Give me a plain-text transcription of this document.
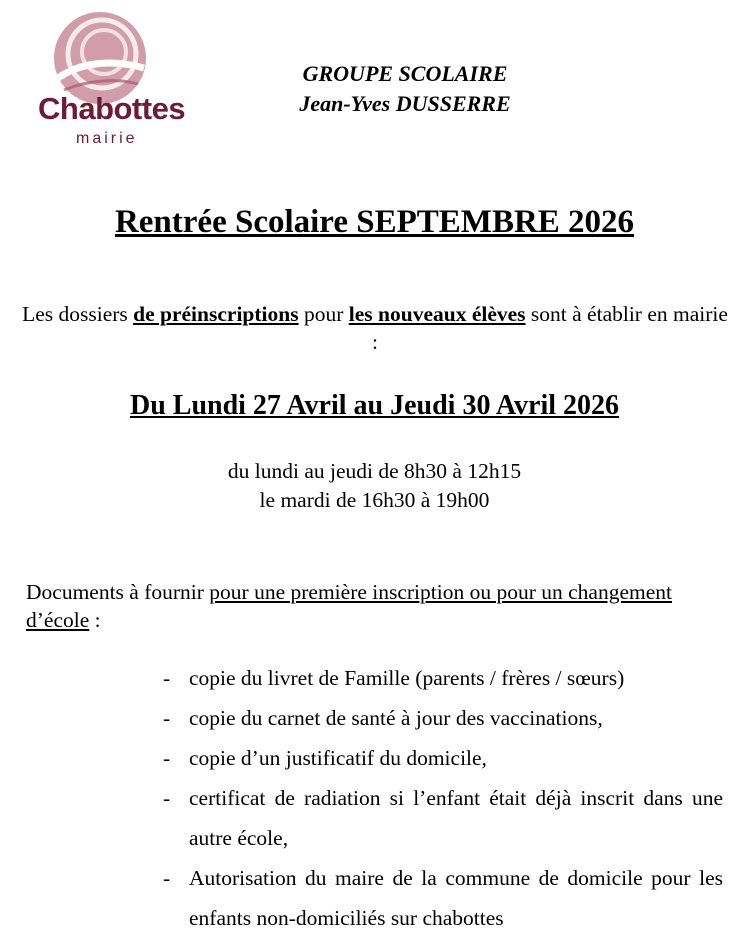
Chabottes
mairie
GROUPE SCOLAIRE
Jean-Yves DUSSERRE
Rentrée Scolaire SEPTEMBRE 2026
Les dossiers de préinscriptions pour les nouveaux élèves sont à établir en mairie :
Du Lundi 27 Avril au Jeudi 30 Avril 2026
du lundi au jeudi de 8h30 à 12h15
le mardi de 16h30 à 19h00
Documents à fournir pour une première inscription ou pour un changement d’école :
- copie du livret de Famille (parents / frères / sœurs)
- copie du carnet de santé à jour des vaccinations,
- copie d’un justificatif du domicile,
- certificat de radiation si l’enfant était déjà inscrit dans une autre école,
- Autorisation du maire de la commune de domicile pour les enfants non-domiciliés sur chabottes
